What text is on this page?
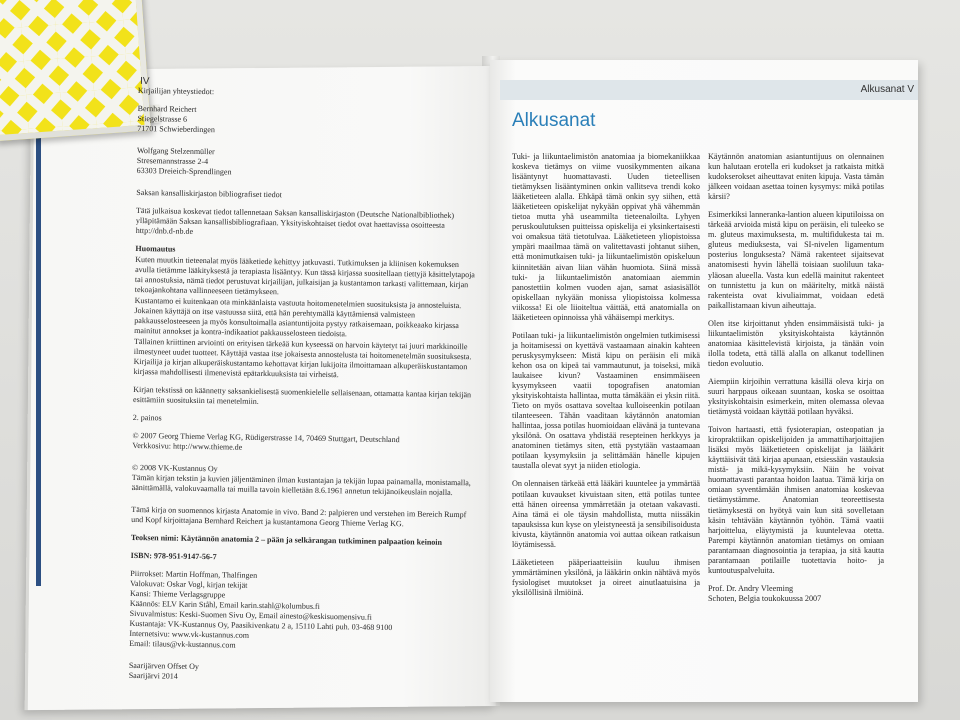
IV

Kirjailijan yhteystiedot:

Bernhard Reichert
Stiegelstrasse 6
71701 Schwieberdingen
Wolfgang Stelzenmüller
Stresemannstrasse 2-4
63303 Dreieich-Sprendlingen

Saksan kansalliskirjaston bibliografiset tiedot

Tätä julkaisua koskevat tiedot tallennetaan Saksan kansalliskirjaston (Deutsche Nationalbibliothek) ylläpitämään Saksan kansallisbibliografiaan. Yksityiskohtaiset tiedot ovat haettavissa osoitteesta http://dnb.d-nb.de

Huomautus

Kuten muutkin tieteenalat myös lääketiede kehittyy jatkuvasti. Tutkimuksen ja kliinisen kokemuksen avulla tietämme lääkityksestä ja terapiasta lisääntyy. Kun tässä kirjassa suositellaan tiettyjä käsittelytapoja tai annostuksia, nämä tiedot perustuvat kirjailijan, julkaisijan ja kustantamon tarkasti valittemaan, kirjan tekoajankohtana vallinneeseen tietämykseen.

Kustantamo ei kuitenkaan ota minkäänlaista vastuuta hoitomenetelmien suosituksista ja annosteluista. Jokainen käyttäjä on itse vastuussa siitä, että hän perehtymällä käyttämiensä valmisteen pakkausselosteeseen ja myös konsultoimalla asiantuntijoita pystyy ratkaisemaan, poikkeaako kirjassa mainitut annokset ja kontra-indikaatiot pakkausselosteen tiedoista.

Tällainen kriittinen arviointi on erityisen tärkeää kun kyseessä on harvoin käytetyt tai juuri markkinoille ilmestyneet uudet tuotteet. Käyttäjä vastaa itse jokaisesta annostelusta tai hoitomenetelmän suosituksesta. Kirjailija ja kirjan alkuperäiskustantamo kehottavat kirjan lukijoita ilmoittamaan alkuperäiskustantamon kirjassa mahdollisesti ilmenevistä epätarkkuuksista tai virheistä.

Kirjan tekstissä on käännetty saksankielisestä suomenkielelle sellaisenaan, ottamatta kantaa kirjan tekijän esittämiin suosituksiin tai menetelmiin.

2. painos

© 2007 Georg Thieme Verlag KG, Rüdigerstrasse 14, 70469 Stuttgart, Deutschland
Verkkosivu: http://www.thieme.de
© 2008 VK-Kustannus Oy
Tämän kirjan tekstin ja kuvien jäljentäminen ilman kustantajan ja tekijän lupaa painamalla, monistamalla, äänittämällä, valokuvaamalla tai muilla tavoin kielletään 8.6.1961 annetun tekijänoikeuslain nojalla.

Tämä kirja on suomennos kirjasta Anatomie in vivo. Band 2: palpieren und verstehen im Bereich Rumpf und Kopf kirjoittajana Bernhard Reichert ja kustantamona Georg Thieme Verlag KG.

Teoksen nimi: Käytännön anatomia 2 – pään ja selkärangan tutkiminen palpaation keinoin

ISBN: 978-951-9147-56-7

Piirrokset: Martin Hoffman, Thalfingen
Valokuvat: Oskar Vogl, kirjan tekijät
Kansi: Thieme Verlagsgruppe
Käännös: ELV Karin Ståhl, Email karin.stahl@kolumbus.fi
Sivuvalmistus: Keski-Suomen Sivu Oy, Email ainesto@keskisuomensivu.fi
Kustantaja: VK-Kustannus Oy, Paasikivenkatu 2 a, 15110 Lahti puh. 03-468 9100
Internetsivu: www.vk-kustannus.com
Email: tilaus@vk-kustannus.com
Saarijärven Offset Oy
Saarijärvi 2014
Alkusanat V
Alkusanat

Tuki- ja liikuntaelimistön anatomiaa ja biomekaniikkaa koskeva tietämys on viime vuosikymmenten aikana lisääntynyt huomattavasti. Uuden tieteellisen tietämyksen lisääntyminen onkin vallitseva trendi koko lääketieteen alalla. Ehkäpä tämä onkin syy siihen, että lääketieteen opiskelijat nykyään oppivat yhä vähemmän tietoa mutta yhä useammilta tieteenaloilta. Lyhyen peruskoulutuksen puitteissa opiskelija ei yksinkertaisesti voi omaksua tätä tietotulvaa. Lääketieteen yliopistoissa ympäri maailmaa tämä on valitettavasti johtanut siihen, että monimutkaisen tuki- ja liikuntaelimistön opiskeluun kiinnitetään aivan liian vähän huomiota. Siinä missä tuki- ja liikuntaelimistön anatomiaan aiemmin panostettiin kolmen vuoden ajan, samat asiasisällöt opiskellaan nykyään monissa yliopistoissa kolmessa viikossa! Ei ole liioiteltua väittää, että anatomialla on lääketieteen opinnoissa yhä vähäisempi merkitys.

Potilaan tuki- ja liikuntaelimistön ongelmien tutkimisessi ja hoitamisessi on kyettävä vastaamaan ainakin kahteen peruskysymykseen: Mistä kipu on peräisin eli mikä kehon osa on kipeä tai vammautunut, ja toiseksi, mikä laukaisee kivun? Vastaaminen ensimmäiseen kysymykseen vaatii topografisen anatomian yksityiskohtaista hallintaa, mutta tämäkään ei yksin riitä. Tieto on myös osattava soveltaa kulloiseenkin potilaan tilanteeseen. Tähän vaaditaan käytännön anatomian hallintaa, jossa potilas huomioidaan elävänä ja tuntevana yksilönä. On osattava yhdistää resepteinen herkkyys ja anatominen tietämys siten, että pystytään vastaamaan potilaan kysymyksiin ja selittämään hänelle kipujen taustalla olevat syyt ja niiden etiologia.

On olennaisen tärkeää että lääkäri kuuntelee ja ymmärtää potilaan kuvaukset kivuistaan siten, että potilas tuntee että hänen oireensa ymmärretään ja otetaan vakavasti. Aina tämä ei ole täysin mahdollista, mutta niissäkin tapauksissa kun kyse on yleistyneestä ja sensibilisoidusta kivusta, käytännön anatomia voi auttaa oikean ratkaisun löytämisessä.

Lääketieteen pääperiaatteisiin kuuluu ihmisen ymmärtäminen yksilönä, ja lääkärin onkin nähtävä myös fysiologiset muutokset ja oireet ainutlaatuisina ja yksilöllisinä ilmiöinä.

Käytännön anatomian asiantuntijuus on olennainen kun halutaan erotella eri kudokset ja ratkaista mitkä kudokserokset aiheuttavat eniten kipuja. Vasta tämän jälkeen voidaan asettaa toinen kysymys: mikä potilas kärsii?

Esimerkiksi lannerankа-lantion alueen kiputiloissa on tärkeää arvioida mistä kipu on peräisin, eli tuleeko se m. gluteus maximuksesta, m. multifidukesta tai m. gluteus mediuksesta, vai SI-nivelen ligamentum posterius longuksesta? Nämä rakenteet sijaitsevat anatomisesti hyvin lähellä toisiaan suoliluun taka-yläosan alueella. Vasta kun edellä mainitut rakenteet on tunnistettu ja kun on määritelty, mitkä näistä rakenteista ovat kivuliaimmat, voidaan edetä paikallistamaan kivun aiheuttaja.

Olen itse kirjoittanut yhden ensimmäisistä tuki- ja liikuntaelimistön yksityiskohtaista käytännön anatomiaa käsittelevistä kirjoista, ja tänään voin ilolla todeta, että tällä alalla on alkanut todellinen tiedon evoluutio.

Aiempiin kirjoihin verrattuna käsillä oleva kirja on suuri harppaus oikeaan suuntaan, koska se osoittaa yksityiskohtaisin esimerkein, miten olemassa olevaa tietämystä voidaan käyttää potilaan hyväksi.

Toivon hartaasti, että fysioterapian, osteopatian ja kiropraktiikan opiskelijoiden ja ammattiharjoittajien lisäksi myös lääketieteen opiskelijat ja lääkärit käyttäisivät tätä kirjaa apunaan, etsiessään vastauksia mistä- ja mikä-kysymyksiin. Näin he voivat huomattavasti parantaa hoidon laatua. Tämä kirja on omiaan syventämään ihmisen anatomiaa koskevaa tietämystämme. Anatomian teoreettisesta tietämyksestä on hyötyä vain kun sitä sovelletaan käsin tehtävään käytännön työhön. Tämä vaatii harjoittelua, eläytymistä ja kuuntelevaa otetta. Parempi käytännön anatomian tietämys on omiaan parantamaan diagnosointia ja terapiaa, ja sitä kautta parantamaan potilaille tuotettavia hoito- ja kuntoutuspalveluita.

Prof. Dr. Andry Vleeming
Schoten, Belgia toukokuussa 2007
